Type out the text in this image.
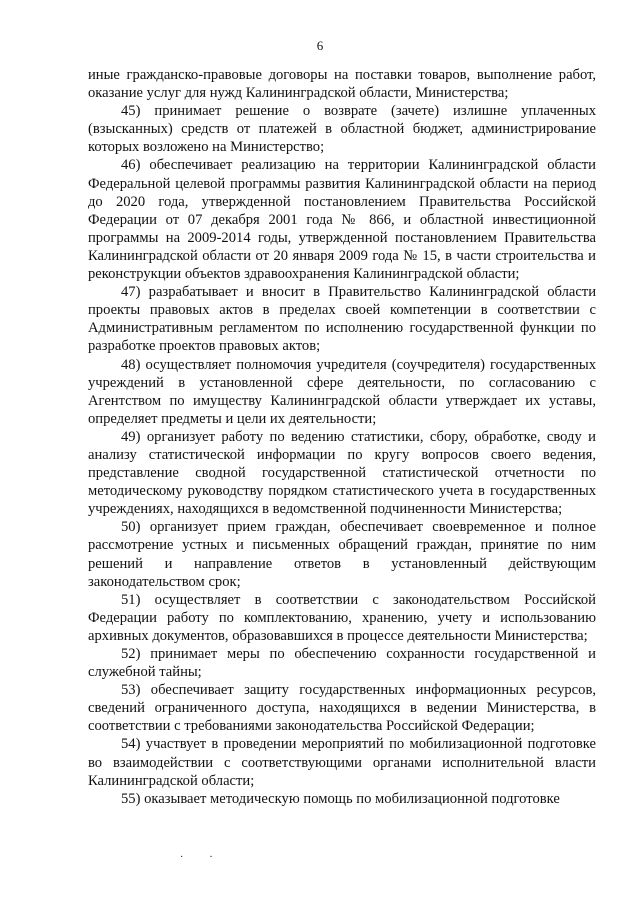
6

иные гражданско-правовые договоры на поставки товаров, выполнение работ, оказание услуг для нужд Калининградской области, Министерства;

45) принимает решение о возврате (зачете) излишне уплаченных (взысканных) средств от платежей в областной бюджет, администрирование которых возложено на Министерство;

46) обеспечивает реализацию на территории Калининградской области Федеральной целевой программы развития Калининградской области на период до 2020 года, утвержденной постановлением Правительства Российской Федерации от 07 декабря 2001 года № 866, и областной инвестиционной программы на 2009-2014 годы, утвержденной постановлением Правительства Калининградской области от 20 января 2009 года № 15, в части строительства и реконструкции объектов здравоохранения Калининградской области;

47) разрабатывает и вносит в Правительство Калининградской области проекты правовых актов в пределах своей компетенции в соответствии с Административным регламентом по исполнению государственной функции по разработке проектов правовых актов;

48) осуществляет полномочия учредителя (соучредителя) государственных учреждений в установленной сфере деятельности, по согласованию с Агентством по имуществу Калининградской области утверждает их уставы, определяет предметы и цели их деятельности;

49) организует работу по ведению статистики, сбору, обработке, своду и анализу статистической информации по кругу вопросов своего ведения, представление сводной государственной статистической отчетности по методическому руководству порядком статистического учета в государственных учреждениях, находящихся в ведомственной подчиненности Министерства;

50) организует прием граждан, обеспечивает своевременное и полное рассмотрение устных и письменных обращений граждан, принятие по ним решений и направление ответов в установленный действующим законодательством срок;

51) осуществляет в соответствии с законодательством Российской Федерации работу по комплектованию, хранению, учету и использованию архивных документов, образовавшихся в процессе деятельности Министерства;

52) принимает меры по обеспечению сохранности государственной и служебной тайны;

53) обеспечивает защиту государственных информационных ресурсов, сведений ограниченного доступа, находящихся в ведении Министерства, в соответствии с требованиями законодательства Российской Федерации;

54) участвует в проведении мероприятий по мобилизационной подготовке во взаимодействии с соответствующими органами исполнительной власти Калининградской области;

55) оказывает методическую помощь по мобилизационной подготовке

··
